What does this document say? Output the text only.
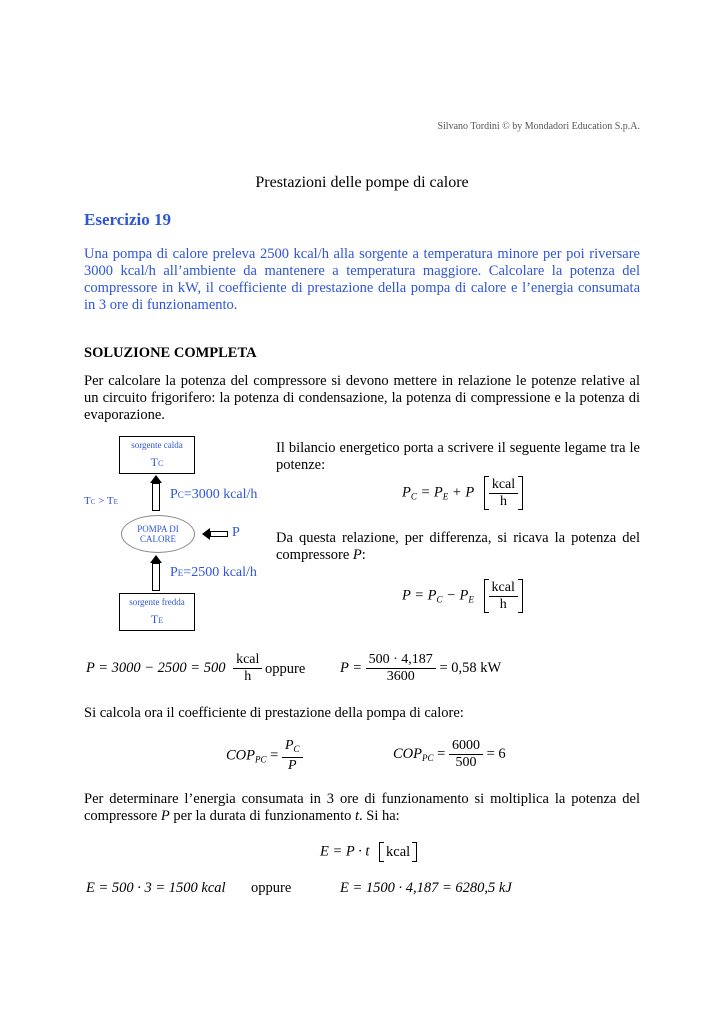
Silvano Tordini © by Mondadori Education S.p.A.
Prestazioni delle pompe di calore
Esercizio 19
Una pompa di calore preleva 2500 kcal/h alla sorgente a temperatura minore per poi riversare 3000 kcal/h all’ambiente da mantenere a temperatura maggiore. Calcolare la potenza del compressore in kW, il coefficiente di prestazione della pompa di calore e l’energia consumata in 3 ore di funzionamento.
SOLUZIONE COMPLETA
Per calcolare la potenza del compressore si devono mettere in relazione le potenze relative al un circuito frigorifero: la potenza di condensazione, la potenza di compressione e la potenza di evaporazione.
sorgente calda
TC
PC=3000 kcal/h
TC > TE
POMPA DI CALORE	P
PE=2500 kcal/h
sorgente fredda
TE
Il bilancio energetico porta a scrivere il seguente legame tra le potenze:
$P_C = P_E + P \frac{\text{kcal}}{h}$
Da questa relazione, per differenza, si ricava la potenza del compressore P:
$P = P_C - P_E \frac{\text{kcal}}{h}$
$P = 3000 - 2500 = 500 \frac{\text{kcal}}{h}$ oppure $P = \frac{500 \cdot 4,187}{3600} = 0,58$ kW
Si calcola ora il coefficiente di prestazione della pompa di calore:
$COP_{PC} = \frac{P_C}{P}$	$COP_{PC} = \frac{6000}{500} = 6$
Per determinare l’energia consumata in 3 ore di funzionamento si moltiplica la potenza del compressore P per la durata di funzionamento t. Si ha:
E = P · t kcal
E = 500 · 3 = 1500 kcal oppure	E = 1500 · 4,187 = 6280,5 kJ
